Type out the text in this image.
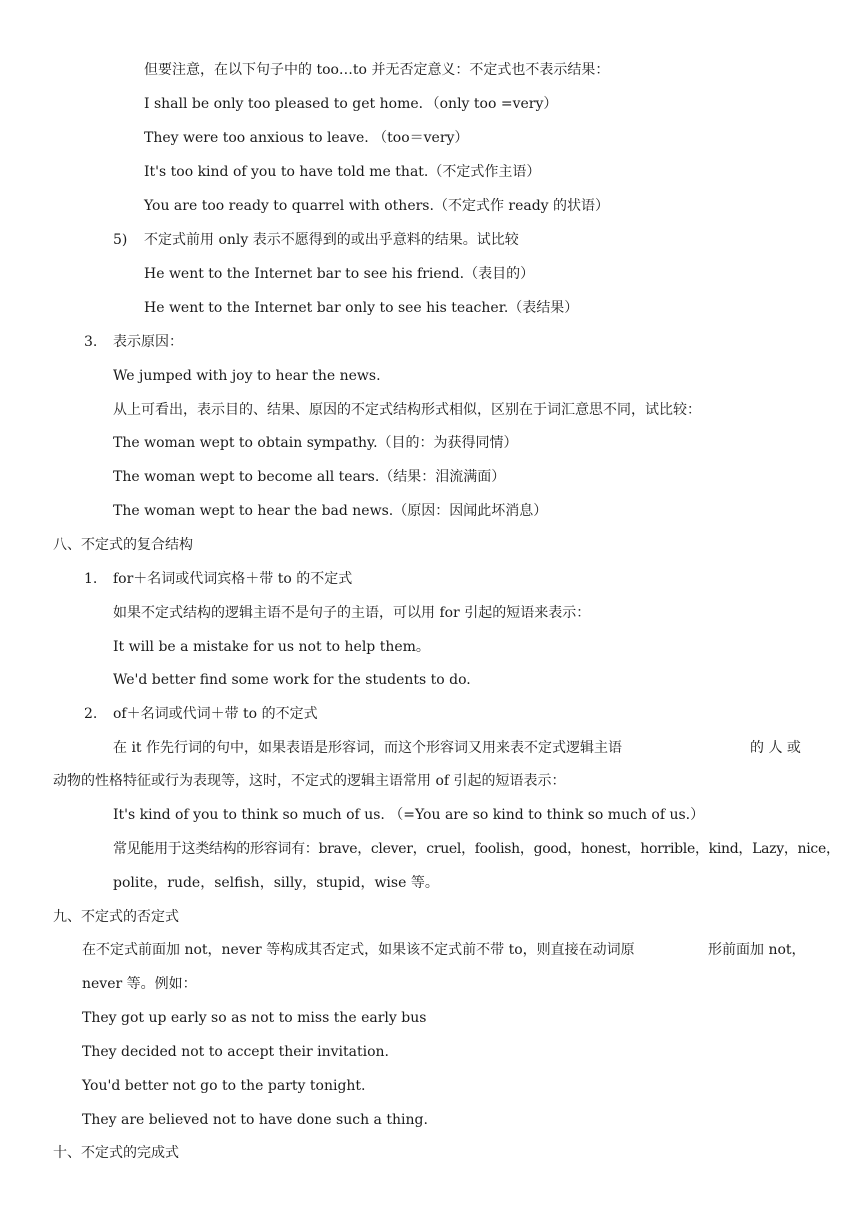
但要注意，在以下句子中的 too…to 并无否定意义：不定式也不表示结果：
I shall be only too pleased to get home．（only too =very）
They were too anxious to leave. （too＝very）
It's too kind of you to have told me that.（不定式作主语）
You are too ready to quarrel with others.（不定式作 ready 的状语）
5) 不定式前用 only 表示不愿得到的或出乎意料的结果。试比较
He went to the Internet bar to see his friend.（表目的）
He went to the Internet bar only to see his teacher.（表结果）
3. 表示原因：
We jumped with joy to hear the news.
从上可看出，表示目的、结果、原因的不定式结构形式相似，区别在于词汇意思不同，试比较：
The woman wept to obtain sympathy.（目的：为获得同情）
The woman wept to become all tears.（结果：泪流满面）
The woman wept to hear the bad news.（原因：因闻此坏消息）
八、不定式的复合结构
1. for＋名词或代词宾格＋带 to 的不定式
如果不定式结构的逻辑主语不是句子的主语，可以用 for 引起的短语来表示：
It will be a mistake for us not to help them。
We'd better find some work for the students to do.
2. of＋名词或代词＋带 to 的不定式
在 it 作先行词的句中，如果表语是形容词，而这个形容词又用来表不定式逻辑主语	的 人 或
动物的性格特征或行为表现等，这时，不定式的逻辑主语常用 of 引起的短语表示：
It's kind of you to think so much of us. （=You are so kind to think so much of us.）
常见能用于这类结构的形容词有：brave，clever，cruel，foolish，good，honest，horrible，kind，Lazy，nice，
polite，rude，selfish，silly，stupid，wise 等。
九、不定式的否定式
在不定式前面加 not，never 等构成其否定式，如果该不定式前不带 to，则直接在动词原	形前面加 not，
never 等。例如：
They got up early so as not to miss the early bus
They decided not to accept their invitation.
You'd better not go to the party tonight.
They are believed not to have done such a thing.
十、不定式的完成式
